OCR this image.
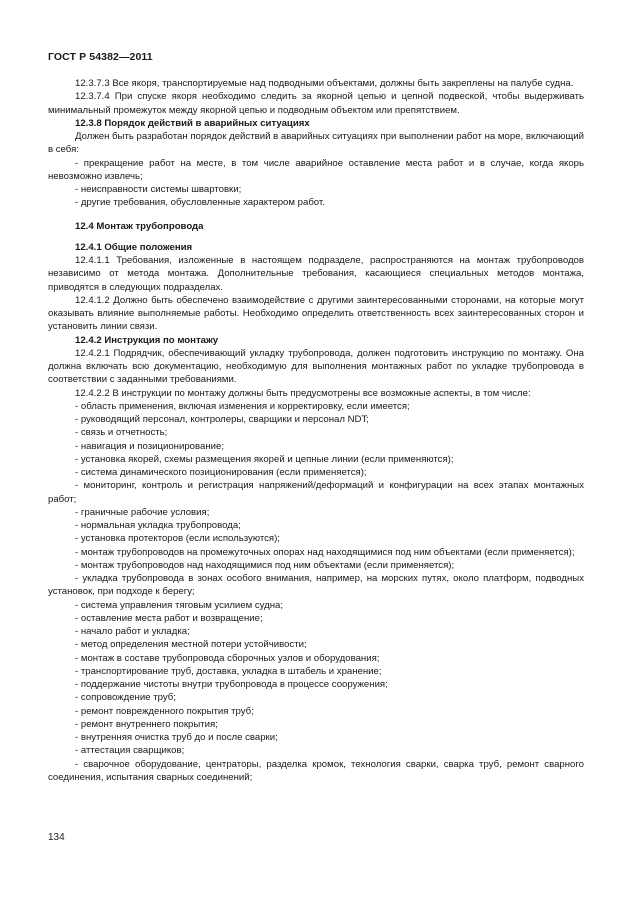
ГОСТ Р 54382—2011

12.3.7.3 Все якоря, транспортируемые над подводными объектами, должны быть закреплены на палубе судна.

12.3.7.4 При спуске якоря необходимо следить за якорной цепью и цепной подвеской, чтобы выдерживать минимальный промежуток между якорной цепью и подводным объектом или препятствием.

12.3.8 Порядок действий в аварийных ситуациях

Должен быть разработан порядок действий в аварийных ситуациях при выполнении работ на море, включающий в себя:

- прекращение работ на месте, в том числе аварийное оставление места работ и в случае, когда якорь невозможно извлечь;

- неисправности системы швартовки;

- другие требования, обусловленные характером работ.

12.4 Монтаж трубопровода

12.4.1 Общие положения

12.4.1.1 Требования, изложенные в настоящем подразделе, распространяются на монтаж трубопроводов независимо от метода монтажа. Дополнительные требования, касающиеся специальных методов монтажа, приводятся в следующих подразделах.

12.4.1.2 Должно быть обеспечено взаимодействие с другими заинтересованными сторонами, на которые могут оказывать влияние выполняемые работы. Необходимо определить ответственность всех заинтересованных сторон и установить линии связи.

12.4.2 Инструкция по монтажу

12.4.2.1 Подрядчик, обеспечивающий укладку трубопровода, должен подготовить инструкцию по монтажу. Она должна включать всю документацию, необходимую для выполнения монтажных работ по укладке трубопровода в соответствии с заданными требованиями.

12.4.2.2 В инструкции по монтажу должны быть предусмотрены все возможные аспекты, в том числе:

- область применения, включая изменения и корректировку, если имеется;

- руководящий персонал, контролеры, сварщики и персонал NDT;

- связь и отчетность;

- навигация и позиционирование;

- установка якорей, схемы размещения якорей и цепные линии (если применяются);

- система динамического позиционирования (если применяется);

- мониторинг, контроль и регистрация напряжений/деформаций и конфигурации на всех этапах монтажных работ;

- граничные рабочие условия;

- нормальная укладка трубопровода;

- установка протекторов (если используются);

- монтаж трубопроводов на промежуточных опорах над находящимися под ним объектами (если применяется);

- монтаж трубопроводов над находящимися под ним объектами (если применяется);

- укладка трубопровода в зонах особого внимания, например, на морских путях, около платформ, подводных установок, при подходе к берегу;

- система управления тяговым усилием судна;

- оставление места работ и возвращение;

- начало работ и укладка;

- метод определения местной потери устойчивости;

- монтаж в составе трубопровода сборочных узлов и оборудования;

- транспортирование труб, доставка, укладка в штабель и хранение;

- поддержание чистоты внутри трубопровода в процессе сооружения;

- сопровождение труб;

- ремонт поврежденного покрытия труб;

- ремонт внутреннего покрытия;

- внутренняя очистка труб до и после сварки;

- аттестация сварщиков;

- сварочное оборудование, центраторы, разделка кромок, технология сварки, сварка труб, ремонт сварного соединения, испытания сварных соединений;

134
